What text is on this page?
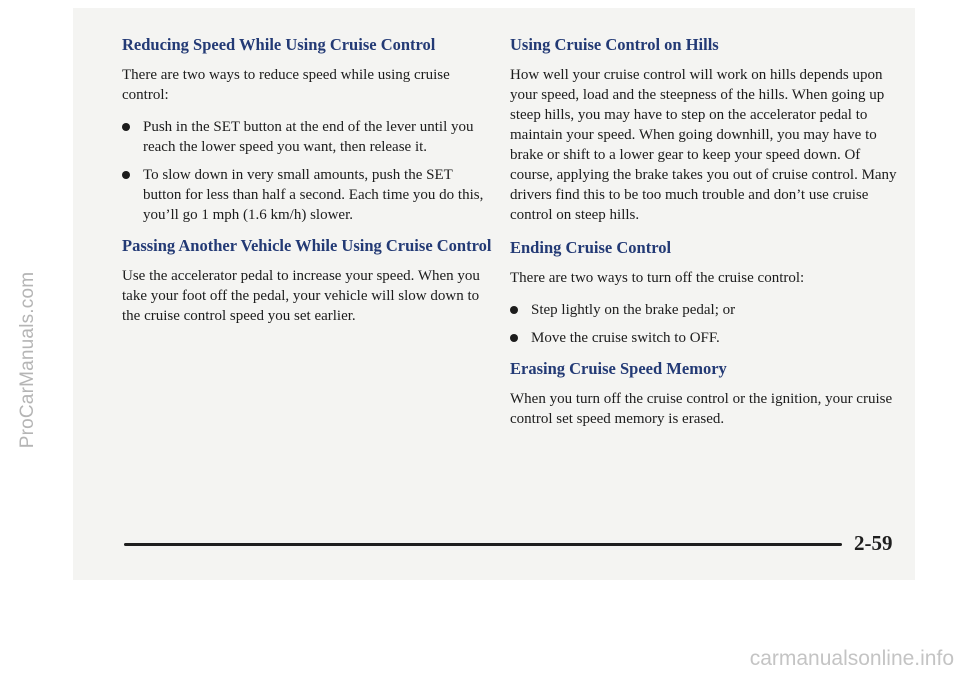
ProCarManuals.com
Reducing Speed While Using Cruise Control

There are two ways to reduce speed while using cruise control:

Push in the SET button at the end of the lever until you reach the lower speed you want, then release it.
To slow down in very small amounts, push the SET button for less than half a second. Each time you do this, you’ll go 1 mph (1.6 km/h) slower.
Passing Another Vehicle While Using Cruise Control

Use the accelerator pedal to increase your speed. When you take your foot off the pedal, your vehicle will slow down to the cruise control speed you set earlier.

Using Cruise Control on Hills

How well your cruise control will work on hills depends upon your speed, load and the steepness of the hills. When going up steep hills, you may have to step on the accelerator pedal to maintain your speed. When going downhill, you may have to brake or shift to a lower gear to keep your speed down. Of course, applying the brake takes you out of cruise control. Many drivers find this to be too much trouble and don’t use cruise control on steep hills.

Ending Cruise Control

There are two ways to turn off the cruise control:

Step lightly on the brake pedal; or
Move the cruise switch to OFF.
Erasing Cruise Speed Memory

When you turn off the cruise control or the ignition, your cruise control set speed memory is erased.

2-59
carmanualsonline.info
